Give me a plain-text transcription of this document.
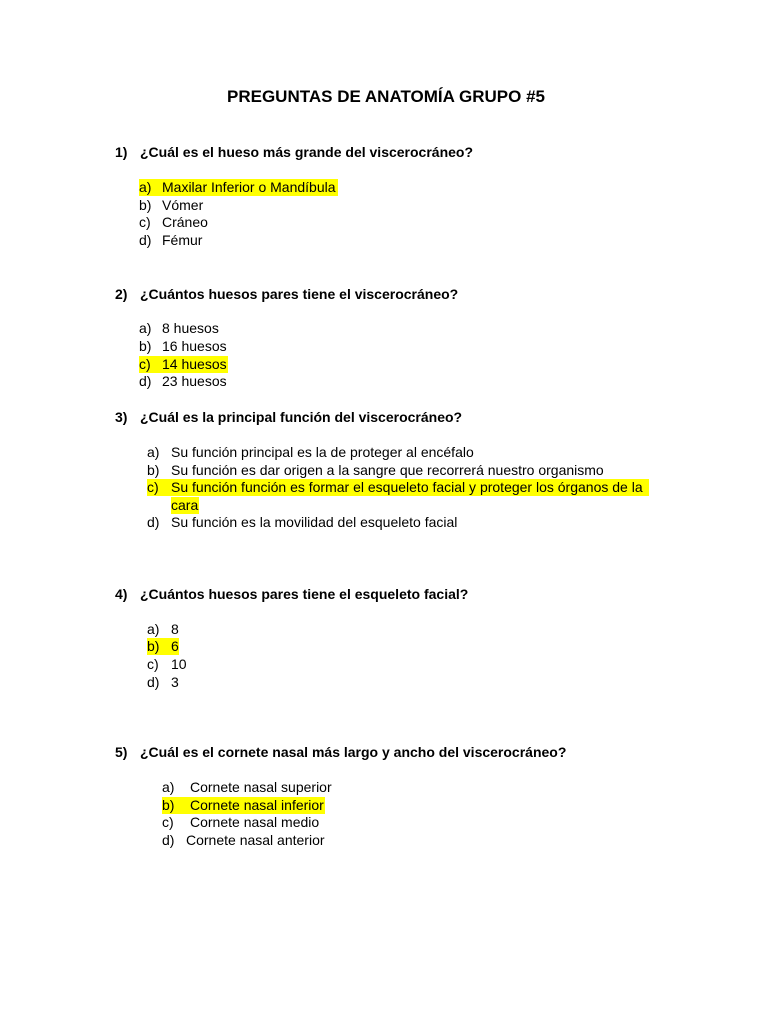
PREGUNTAS DE ANATOMÍA GRUPO #5
1) ¿Cuál es el hueso más grande del viscerocráneo?
a) Maxilar Inferior o Mandíbula
b) Vómer
c) Cráneo
d) Fémur
2) ¿Cuántos huesos pares tiene el viscerocráneo?
a) 8 huesos
b) 16 huesos
c) 14 huesos
d) 23 huesos
3) ¿Cuál es la principal función del viscerocráneo?
a) Su función principal es la de proteger al encéfalo
b) Su función es dar origen a la sangre que recorrerá nuestro organismo
c) Su función función es formar el esqueleto facial y proteger los órganos de la
cara
d) Su función es la movilidad del esqueleto facial
4) ¿Cuántos huesos pares tiene el esqueleto facial?
a) 8
b) 6
c) 10
d) 3
5) ¿Cuál es el cornete nasal más largo y ancho del viscerocráneo?
a) Cornete nasal superior
b) Cornete nasal inferior
c) Cornete nasal medio
d) Cornete nasal anterior
